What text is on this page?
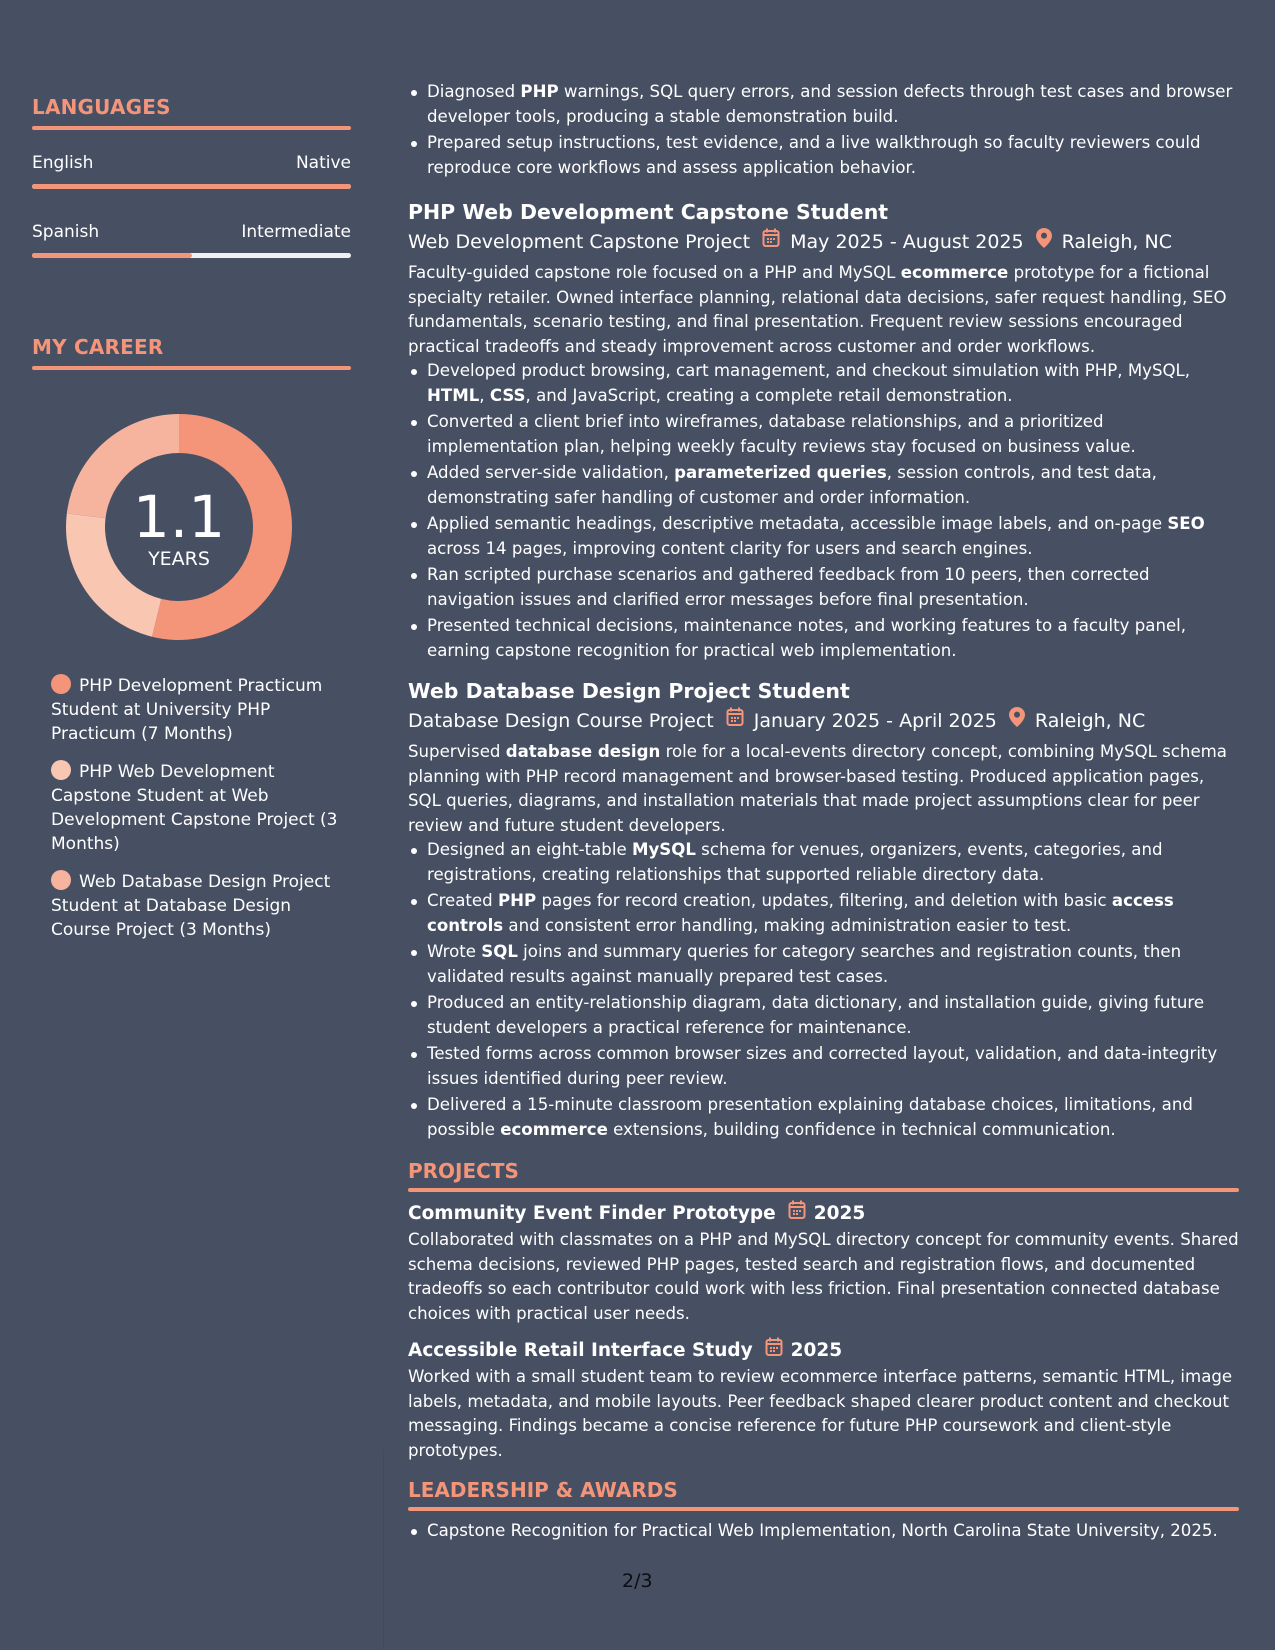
LANGUAGES
English	Native
Spanish	Intermediate
MY CAREER
1.1
YEARS
PHP Development Practicum Student at University PHP Practicum (7 Months)
PHP Web Development Capstone Student at Web Development Capstone Project (3 Months)
Web Database Design Project Student at Database Design Course Project (3 Months)
Diagnosed PHP warnings, SQL query errors, and session defects through test cases and browser developer tools, producing a stable demonstration build.
Prepared setup instructions, test evidence, and a live walkthrough so faculty reviewers could reproduce core workflows and assess application behavior.
PHP Web Development Capstone Student
Web Development Capstone Project May 2025 - August 2025 Raleigh, NC
Faculty-guided capstone role focused on a PHP and MySQL ecommerce prototype for a fictional specialty retailer. Owned interface planning, relational data decisions, safer request handling, SEO fundamentals, scenario testing, and final presentation. Frequent review sessions encouraged practical tradeoffs and steady improvement across customer and order workflows.
Developed product browsing, cart management, and checkout simulation with PHP, MySQL, HTML, CSS, and JavaScript, creating a complete retail demonstration.
Converted a client brief into wireframes, database relationships, and a prioritized implementation plan, helping weekly faculty reviews stay focused on business value.
Added server-side validation, parameterized queries, session controls, and test data, demonstrating safer handling of customer and order information.
Applied semantic headings, descriptive metadata, accessible image labels, and on-page SEO across 14 pages, improving content clarity for users and search engines.
Ran scripted purchase scenarios and gathered feedback from 10 peers, then corrected navigation issues and clarified error messages before final presentation.
Presented technical decisions, maintenance notes, and working features to a faculty panel, earning capstone recognition for practical web implementation.
Web Database Design Project Student
Database Design Course Project January 2025 - April 2025 Raleigh, NC
Supervised database design role for a local-events directory concept, combining MySQL schema planning with PHP record management and browser-based testing. Produced application pages, SQL queries, diagrams, and installation materials that made project assumptions clear for peer review and future student developers.
Designed an eight-table MySQL schema for venues, organizers, events, categories, and registrations, creating relationships that supported reliable directory data.
Created PHP pages for record creation, updates, filtering, and deletion with basic access controls and consistent error handling, making administration easier to test.
Wrote SQL joins and summary queries for category searches and registration counts, then validated results against manually prepared test cases.
Produced an entity-relationship diagram, data dictionary, and installation guide, giving future student developers a practical reference for maintenance.
Tested forms across common browser sizes and corrected layout, validation, and data-integrity issues identified during peer review.
Delivered a 15-minute classroom presentation explaining database choices, limitations, and possible ecommerce extensions, building confidence in technical communication.
PROJECTS
Community Event Finder Prototype 2025
Collaborated with classmates on a PHP and MySQL directory concept for community events. Shared schema decisions, reviewed PHP pages, tested search and registration flows, and documented tradeoffs so each contributor could work with less friction. Final presentation connected database choices with practical user needs.
Accessible Retail Interface Study 2025
Worked with a small student team to review ecommerce interface patterns, semantic HTML, image labels, metadata, and mobile layouts. Peer feedback shaped clearer product content and checkout messaging. Findings became a concise reference for future PHP coursework and client-style prototypes.
LEADERSHIP & AWARDS
Capstone Recognition for Practical Web Implementation, North Carolina State University, 2025.
2/3
